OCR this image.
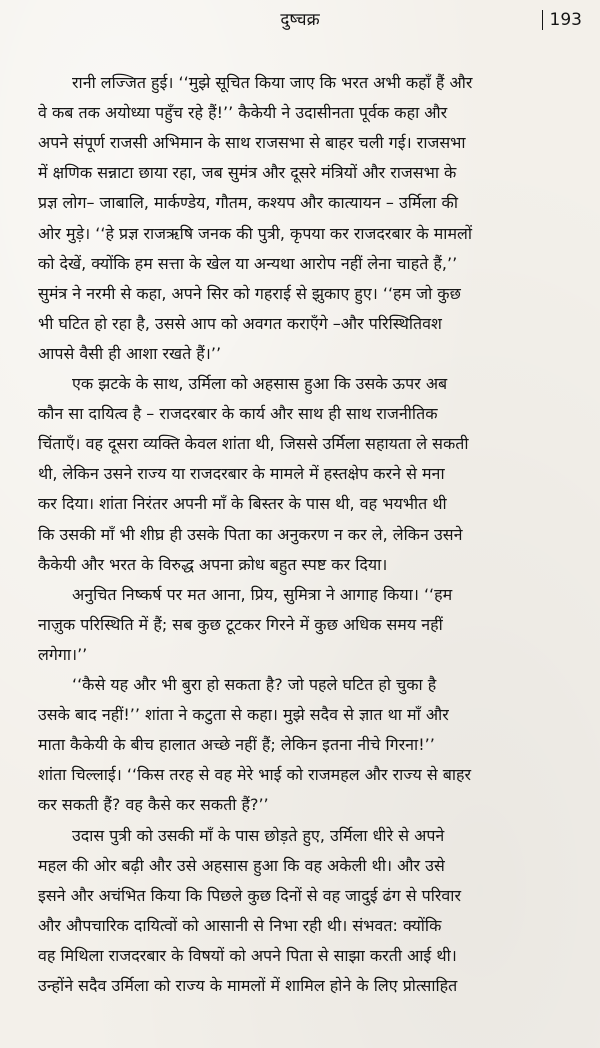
दुष्चक्र	193
रानी लज्जित हुई। ‘‘मुझे सूचित किया जाए कि भरत अभी कहाँ हैं और
वे कब तक अयोध्या पहुँच रहे हैं!’’ कैकेयी ने उदासीनता पूर्वक कहा और
अपने संपूर्ण राजसी अभिमान के साथ राजसभा से बाहर चली गई। राजसभा
में क्षणिक सन्नाटा छाया रहा, जब सुमंत्र और दूसरे मंत्रियों और राजसभा के
प्रज्ञ लोग– जाबालि, मार्कण्डेय, गौतम, कश्यप और कात्यायन – उर्मिला की
ओर मुड़े। ‘‘हे प्रज्ञ राजऋषि जनक की पुत्री, कृपया कर राजदरबार के मामलों
को देखें, क्योंकि हम सत्ता के खेल या अन्यथा आरोप नहीं लेना चाहते हैं,’’
सुमंत्र ने नरमी से कहा, अपने सिर को गहराई से झुकाए हुए। ‘‘हम जो कुछ
भी घटित हो रहा है, उससे आप को अवगत कराएँगे –और परिस्थितिवश
आपसे वैसी ही आशा रखते हैं।’’
एक झटके के साथ, उर्मिला को अहसास हुआ कि उसके ऊपर अब
कौन सा दायित्व है – राजदरबार के कार्य और साथ ही साथ राजनीतिक
चिंताएँ। वह दूसरा व्यक्ति केवल शांता थी, जिससे उर्मिला सहायता ले सकती
थी, लेकिन उसने राज्य या राजदरबार के मामले में हस्तक्षेप करने से मना
कर दिया। शांता निरंतर अपनी माँ के बिस्तर के पास थी, वह भयभीत थी
कि उसकी माँ भी शीघ्र ही उसके पिता का अनुकरण न कर ले, लेकिन उसने
कैकेयी और भरत के विरुद्ध अपना क्रोध बहुत स्पष्ट कर दिया।
अनुचित निष्कर्ष पर मत आना, प्रिय, सुमित्रा ने आगाह किया। ‘‘हम
नाज़ुक परिस्थिति में हैं; सब कुछ टूटकर गिरने में कुछ अधिक समय नहीं
लगेगा।’’
‘‘कैसे यह और भी बुरा हो सकता है? जो पहले घटित हो चुका है
उसके बाद नहीं!’’ शांता ने कटुता से कहा। मुझे सदैव से ज्ञात था माँ और
माता कैकेयी के बीच हालात अच्छे नहीं हैं; लेकिन इतना नीचे गिरना!’’
शांता चिल्लाई। ‘‘किस तरह से वह मेरे भाई को राजमहल और राज्य से बाहर
कर सकती हैं? वह कैसे कर सकती हैं?’’
उदास पुत्री को उसकी माँ के पास छोड़ते हुए, उर्मिला धीरे से अपने
महल की ओर बढ़ी और उसे अहसास हुआ कि वह अकेली थी। और उसे
इसने और अचंभित किया कि पिछले कुछ दिनों से वह जादुई ढंग से परिवार
और औपचारिक दायित्वों को आसानी से निभा रही थी। संभवत: क्योंकि
वह मिथिला राजदरबार के विषयों को अपने पिता से साझा करती आई थी।
उन्होंने सदैव उर्मिला को राज्य के मामलों में शामिल होने के लिए प्रोत्साहित
